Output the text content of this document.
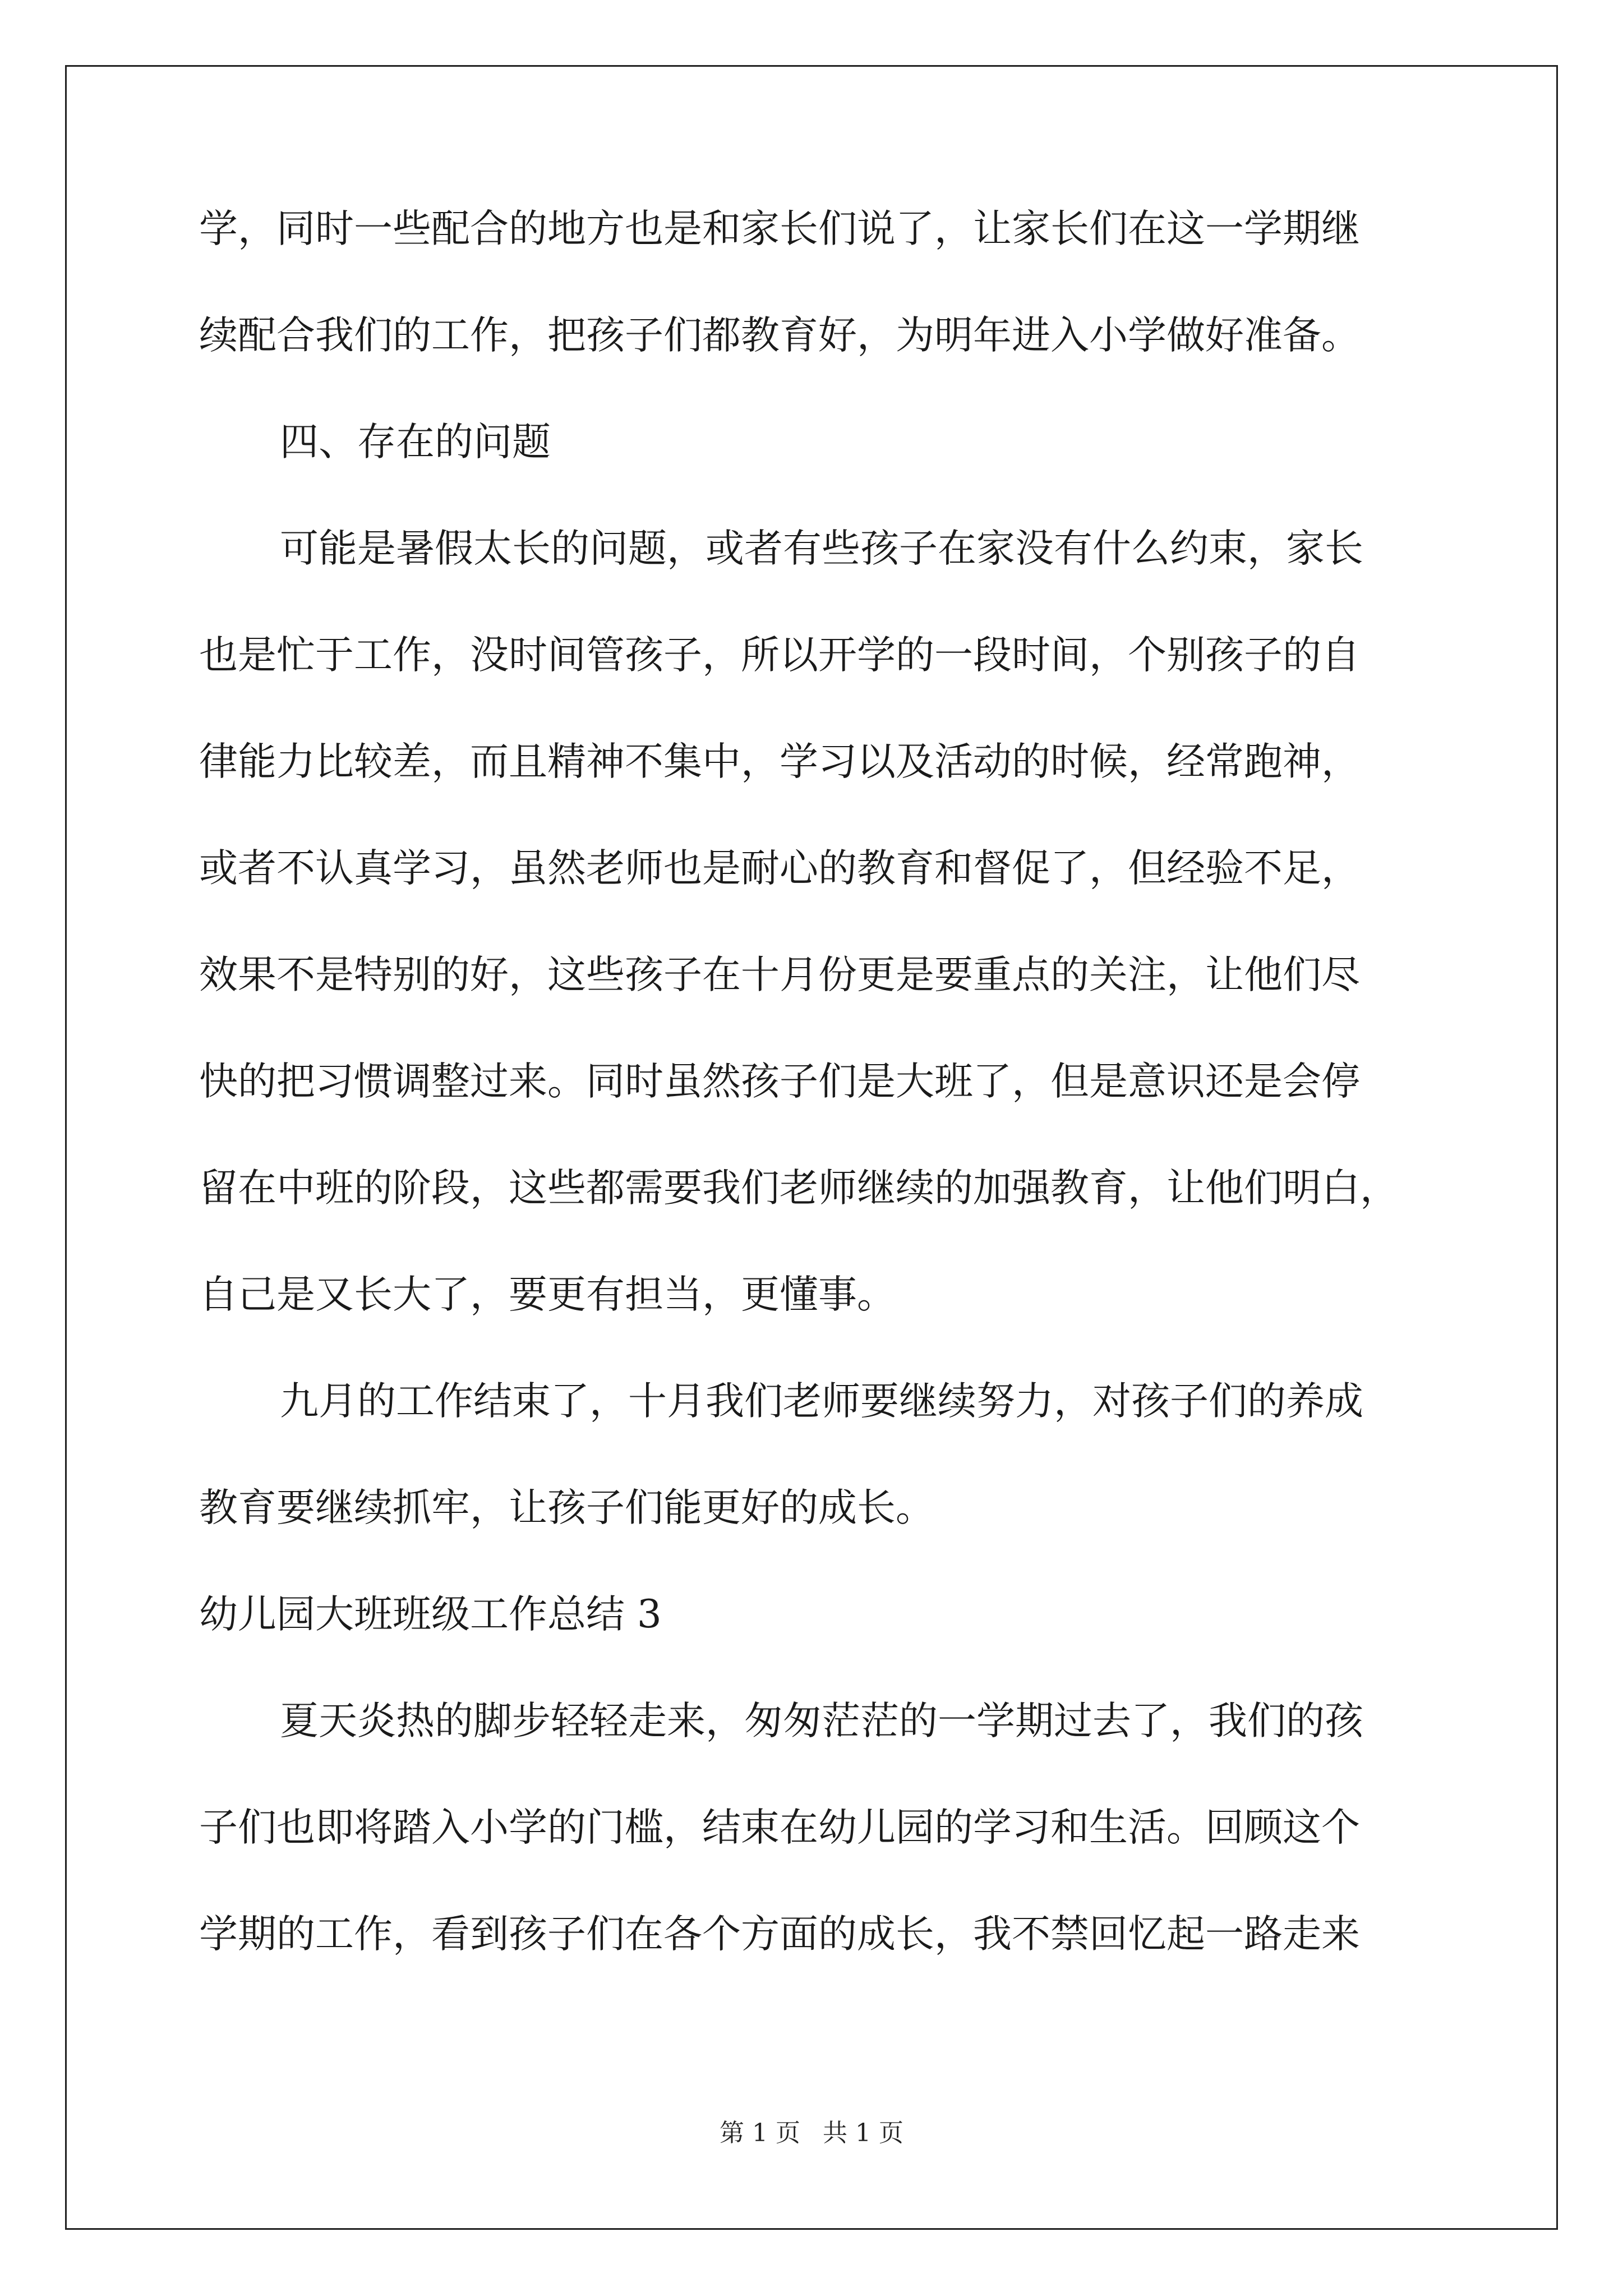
学，同时一些配合的地方也是和家长们说了，让家长们在这一学期继
续配合我们的工作，把孩子们都教育好，为明年进入小学做好准备。
四、存在的问题
可能是暑假太长的问题，或者有些孩子在家没有什么约束，家长
也是忙于工作，没时间管孩子，所以开学的一段时间，个别孩子的自
律能力比较差，而且精神不集中，学习以及活动的时候，经常跑神，
或者不认真学习，虽然老师也是耐心的教育和督促了，但经验不足，
效果不是特别的好，这些孩子在十月份更是要重点的关注，让他们尽
快的把习惯调整过来。同时虽然孩子们是大班了，但是意识还是会停
留在中班的阶段，这些都需要我们老师继续的加强教育，让他们明白，
自己是又长大了，要更有担当，更懂事。
九月的工作结束了，十月我们老师要继续努力，对孩子们的养成
教育要继续抓牢，让孩子们能更好的成长。
幼儿园大班班级工作总结 3
夏天炎热的脚步轻轻走来，匆匆茫茫的一学期过去了，我们的孩
子们也即将踏入小学的门槛，结束在幼儿园的学习和生活。回顾这个
学期的工作，看到孩子们在各个方面的成长，我不禁回忆起一路走来
第 1 页 共 1 页
